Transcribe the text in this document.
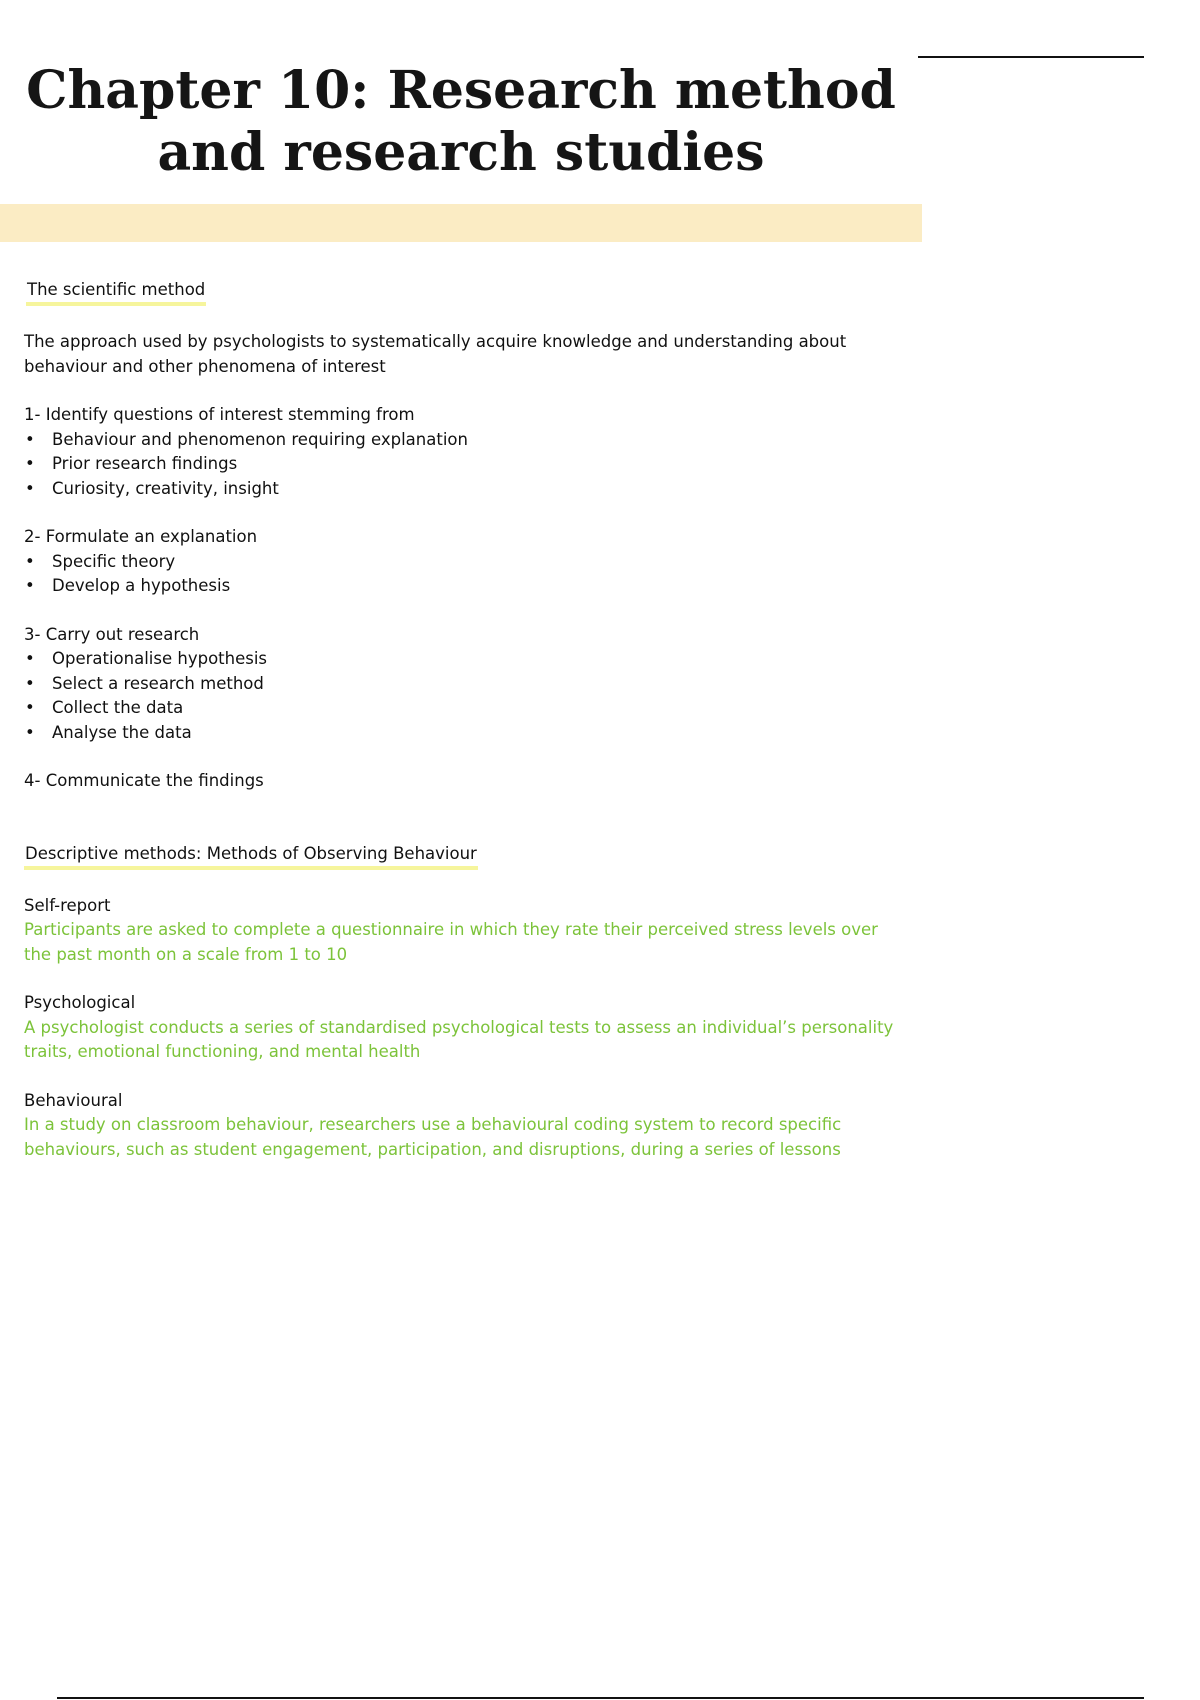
Chapter 10: Research method
and research studies
The scientific method

The approach used by psychologists to systematically acquire knowledge and understanding about behaviour and other phenomena of interest

1- Identify questions of interest stemming from

• Behaviour and phenomenon requiring explanation
• Prior research findings
• Curiosity, creativity, insight

2- Formulate an explanation

• Specific theory
• Develop a hypothesis

3- Carry out research

• Operationalise hypothesis
• Select a research method
• Collect the data
• Analyse the data

4- Communicate the findings

Descriptive methods: Methods of Observing Behaviour

Self-report

Participants are asked to complete a questionnaire in which they rate their perceived stress levels over the past month on a scale from 1 to 10

Psychological

A psychologist conducts a series of standardised psychological tests to assess an individual’s personality traits, emotional functioning, and mental health

Behavioural

In a study on classroom behaviour, researchers use a behavioural coding system to record specific behaviours, such as student engagement, participation, and disruptions, during a series of lessons
